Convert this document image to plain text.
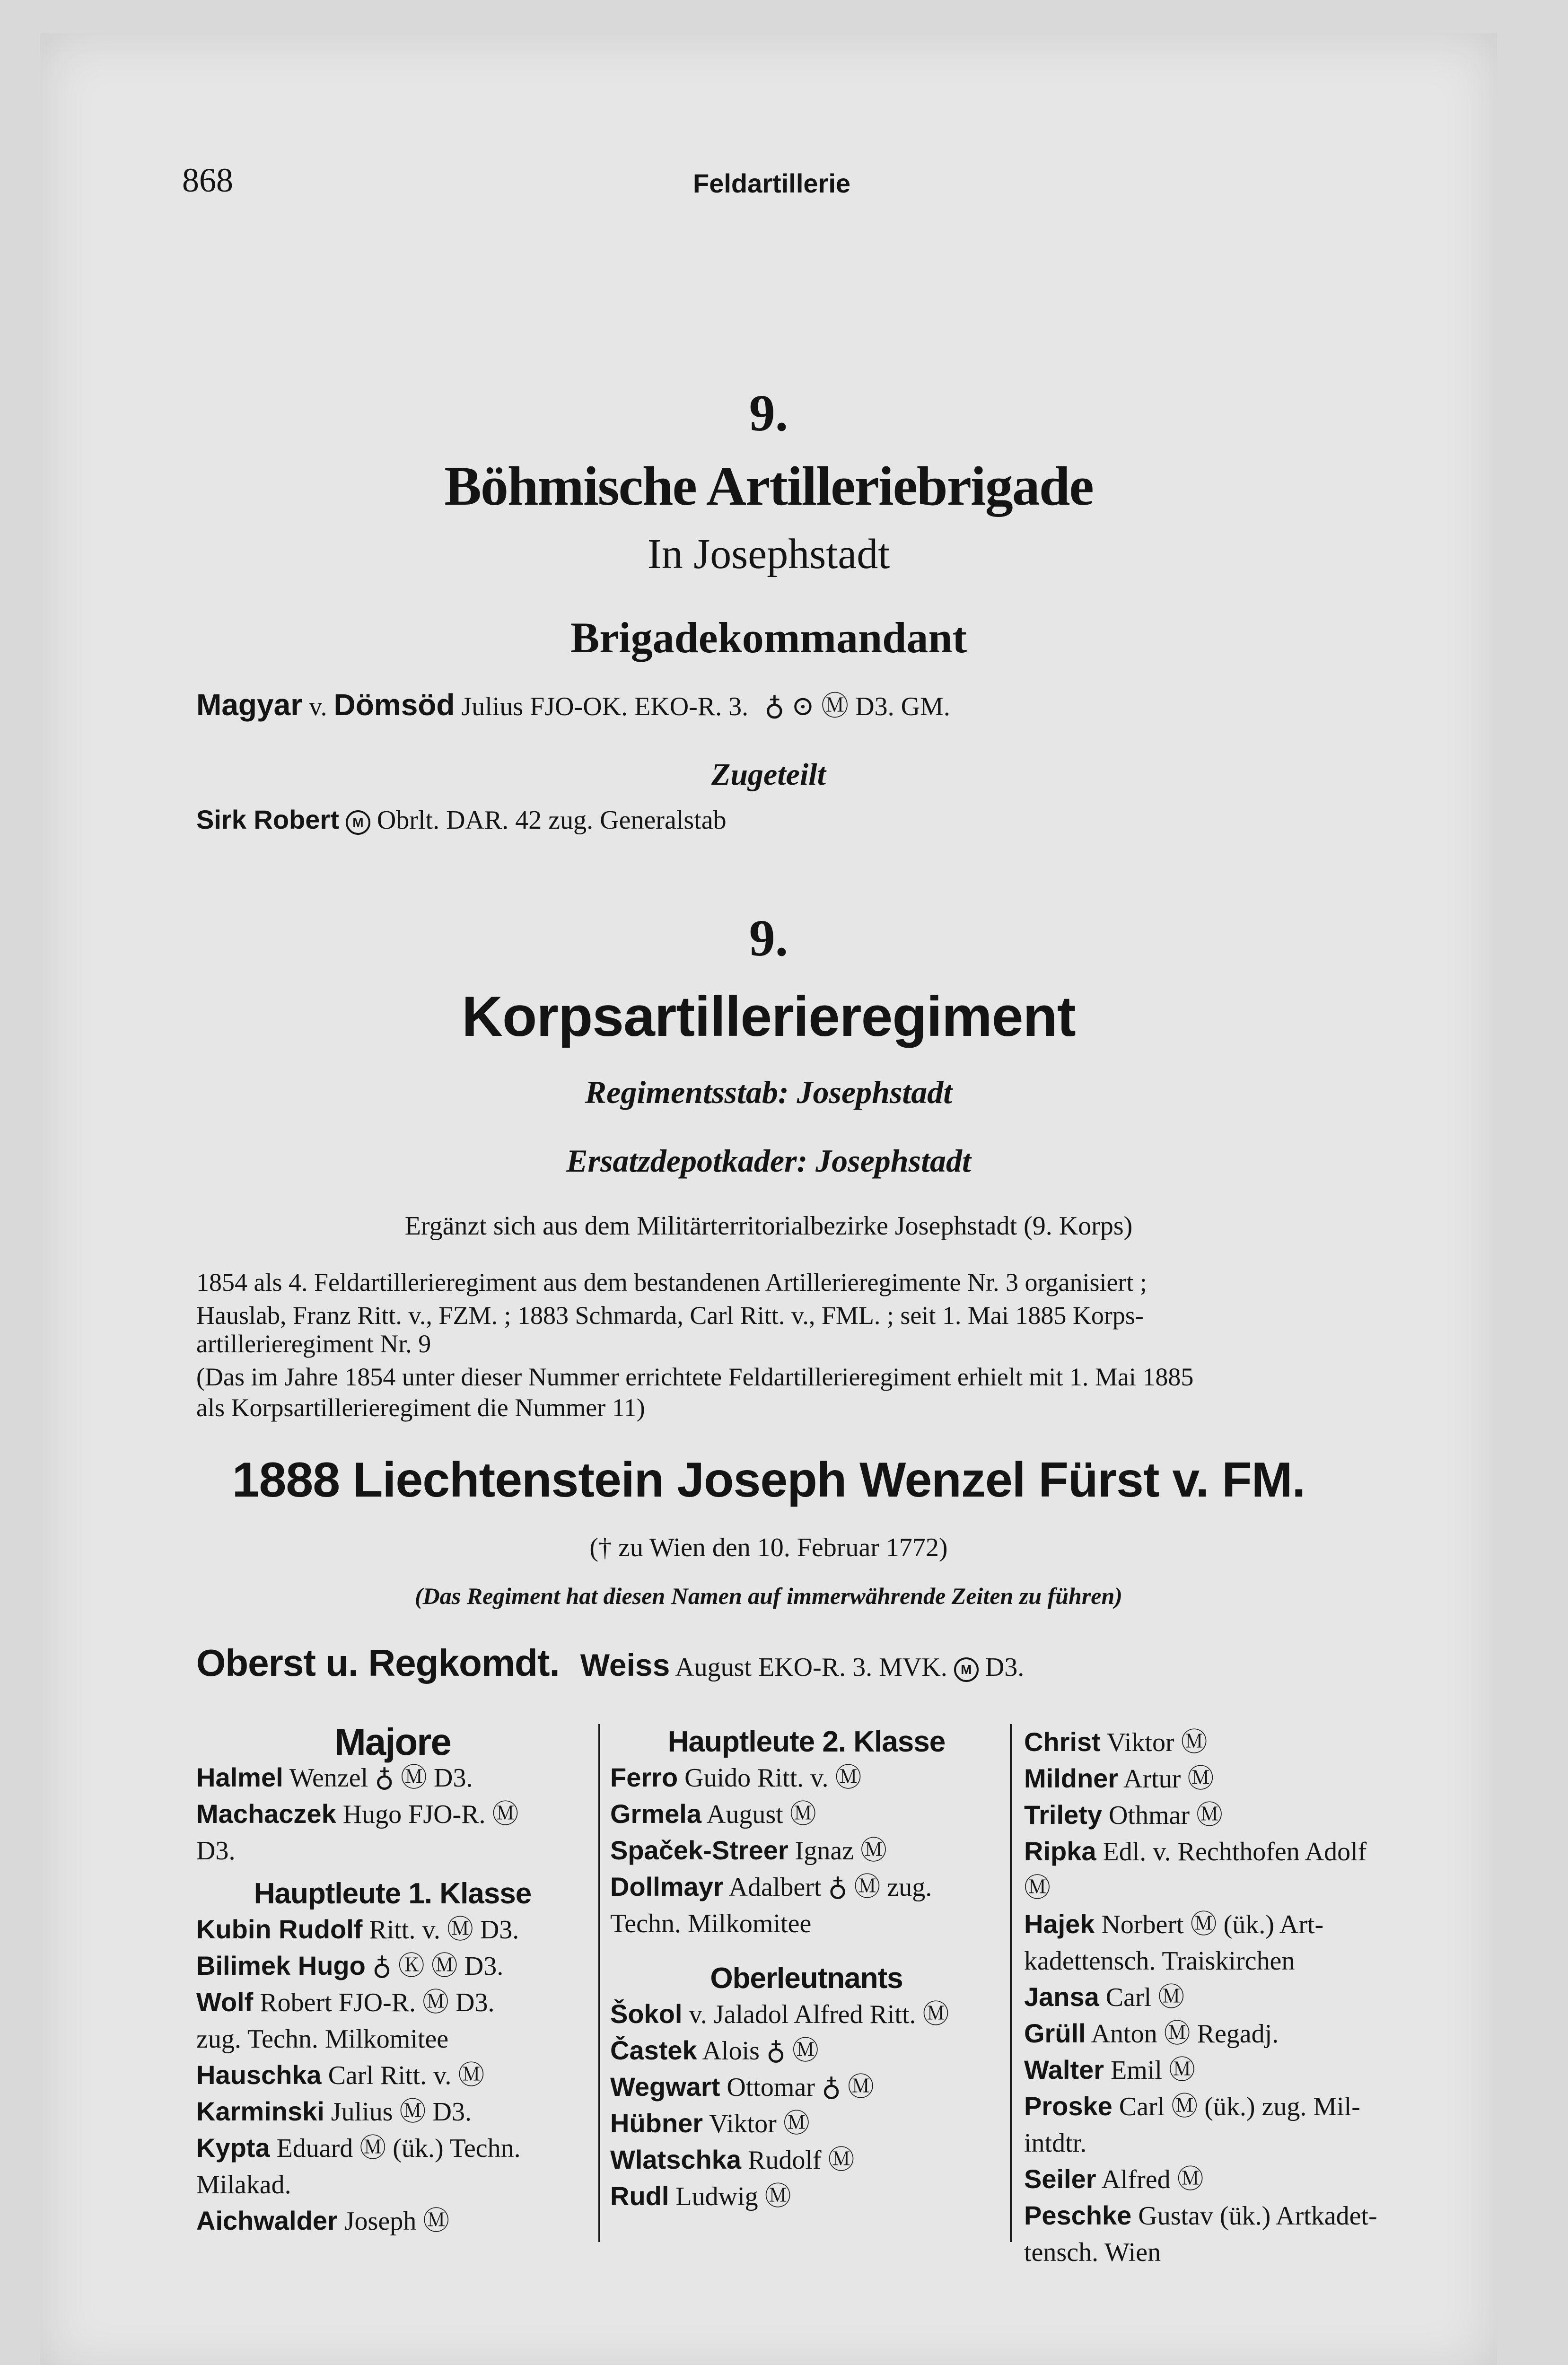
868	Feldartillerie
9.
Böhmische Artilleriebrigade
In Josephstadt
Brigadekommandant
Magyar v. Dömsöd Julius FJO-OK. EKO-R. 3. ♁ ⊙ Ⓜ D3. GM.
Zugeteilt
Sirk Robert M Obrlt. DAR. 42 zug. Generalstab
9.
Korpsartillerieregiment
Regimentsstab: Josephstadt
Ersatzdepotkader: Josephstadt
Ergänzt sich aus dem Militärterritorialbezirke Josephstadt (9. Korps)
1854 als 4. Feldartillerieregiment aus dem bestandenen Artillerieregimente Nr. 3 organisiert ;
Hauslab, Franz Ritt. v., FZM. ; 1883 Schmarda, Carl Ritt. v., FML. ; seit 1. Mai 1885 Korps-
artillerieregiment Nr. 9
(Das im Jahre 1854 unter dieser Nummer errichtete Feldartillerieregiment erhielt mit 1. Mai 1885
als Korpsartillerieregiment die Nummer 11)
1888 Liechtenstein Joseph Wenzel Fürst v. FM.
(† zu Wien den 10. Februar 1772)
(Das Regiment hat diesen Namen auf immerwährende Zeiten zu führen)
Oberst u. Regkomdt. Weiss August EKO-R. 3. MVK. M D3.
Majore
Halmel Wenzel ♁ Ⓜ D3.
Machaczek Hugo FJO-R. Ⓜ
D3.
Hauptleute 1. Klasse
Kubin Rudolf Ritt. v. Ⓜ D3.
Bilimek Hugo ♁ Ⓚ Ⓜ D3.
Wolf Robert FJO-R. Ⓜ D3.
zug. Techn. Milkomitee
Hauschka Carl Ritt. v. Ⓜ
Karminski Julius Ⓜ D3.
Kypta Eduard Ⓜ (ük.) Techn.
Milakad.
Aichwalder Joseph Ⓜ
Hauptleute 2. Klasse
Ferro Guido Ritt. v. Ⓜ
Grmela August Ⓜ
Spaček-Streer Ignaz Ⓜ
Dollmayr Adalbert ♁ Ⓜ zug.
Techn. Milkomitee
Oberleutnants
Šokol v. Jaladol Alfred Ritt. Ⓜ
Častek Alois ♁ Ⓜ
Wegwart Ottomar ♁ Ⓜ
Hübner Viktor Ⓜ
Wlatschka Rudolf Ⓜ
Rudl Ludwig Ⓜ
Christ Viktor Ⓜ
Mildner Artur Ⓜ
Trilety Othmar Ⓜ
Ripka Edl. v. Rechthofen Adolf
Ⓜ
Hajek Norbert Ⓜ (ük.) Art-
kadettensch. Traiskirchen
Jansa Carl Ⓜ
Grüll Anton Ⓜ Regadj.
Walter Emil Ⓜ
Proske Carl Ⓜ (ük.) zug. Mil-
intdtr.
Seiler Alfred Ⓜ
Peschke Gustav (ük.) Artkadet-
tensch. Wien
